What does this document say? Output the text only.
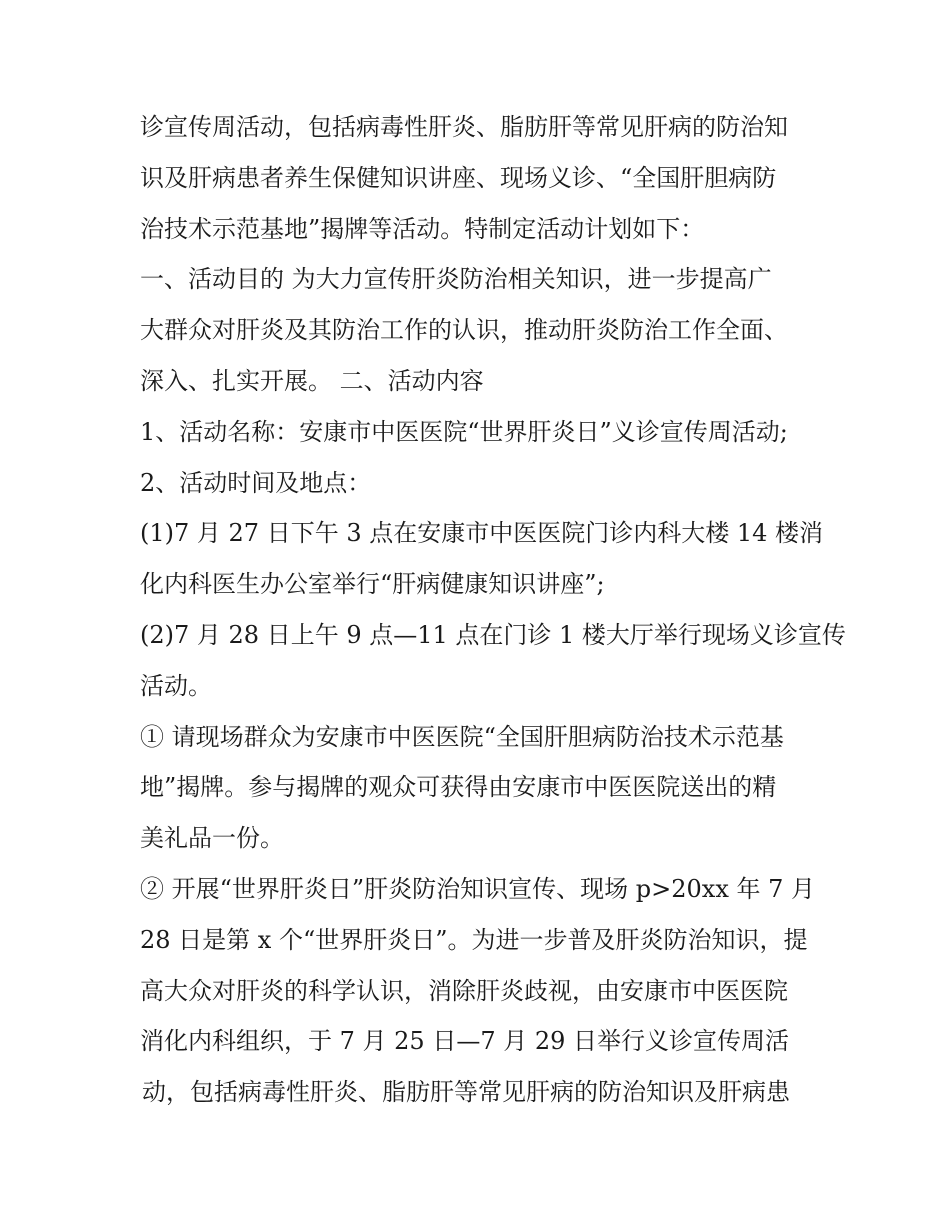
诊宣传周活动，包括病毒性肝炎、脂肪肝等常见肝病的防治知
识及肝病患者养生保健知识讲座、现场义诊、“全国肝胆病防
治技术示范基地”揭牌等活动。特制定活动计划如下：
一、活动目的 为大力宣传肝炎防治相关知识，进一步提高广
大群众对肝炎及其防治工作的认识，推动肝炎防治工作全面、
深入、扎实开展。 二、活动内容
1、活动名称：安康市中医医院“世界肝炎日”义诊宣传周活动;
2、活动时间及地点：
(1)7 月 27 日下午 3 点在安康市中医医院门诊内科大楼 14 楼消
化内科医生办公室举行“肝病健康知识讲座”;
(2)7 月 28 日上午 9 点—11 点在门诊 1 楼大厅举行现场义诊宣传
活动。
① 请现场群众为安康市中医医院“全国肝胆病防治技术示范基
地”揭牌。参与揭牌的观众可获得由安康市中医医院送出的精
美礼品一份。
② 开展“世界肝炎日”肝炎防治知识宣传、现场 p>20xx 年 7 月
28 日是第 x 个“世界肝炎日”。为进一步普及肝炎防治知识，提
高大众对肝炎的科学认识，消除肝炎歧视，由安康市中医医院
消化内科组织，于 7 月 25 日—7 月 29 日举行义诊宣传周活
动，包括病毒性肝炎、脂肪肝等常见肝病的防治知识及肝病患
